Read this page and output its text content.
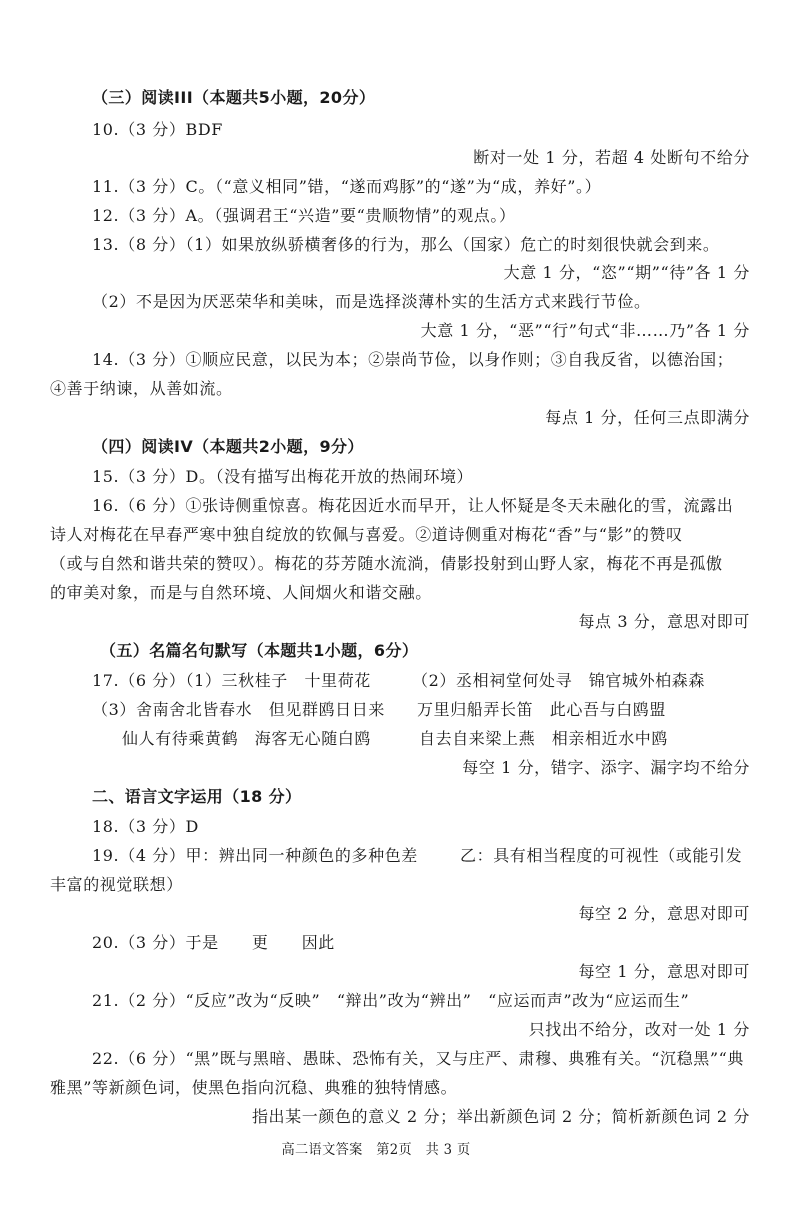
（三）阅读III（本题共5小题，20分）
10.（3 分）BDF
断对一处 1 分，若超 4 处断句不给分
11.（3 分）C。（“意义相同”错，“遂而鸡豚”的“遂”为“成，养好”。）
12.（3 分）A。（强调君王“兴造”要“贵顺物情”的观点。）
13.（8 分）（1）如果放纵骄横奢侈的行为，那么（国家）危亡的时刻很快就会到来。
大意 1 分，“恣”“期”“待”各 1 分
（2）不是因为厌恶荣华和美味，而是选择淡薄朴实的生活方式来践行节俭。
大意 1 分，“恶”“行”句式“非……乃”各 1 分
14.（3 分）①顺应民意，以民为本；②崇尚节俭，以身作则；③自我反省，以德治国；
④善于纳谏，从善如流。
每点 1 分，任何三点即满分
（四）阅读IV（本题共2小题，9分）
15.（3 分）D。（没有描写出梅花开放的热闹环境）
16.（6 分）①张诗侧重惊喜。梅花因近水而早开，让人怀疑是冬天未融化的雪，流露出
诗人对梅花在早春严寒中独自绽放的钦佩与喜爱。②道诗侧重对梅花“香”与“影”的赞叹
（或与自然和谐共荣的赞叹）。梅花的芬芳随水流淌，倩影投射到山野人家，梅花不再是孤傲
的审美对象，而是与自然环境、人间烟火和谐交融。
每点 3 分，意思对即可
（五）名篇名句默写（本题共1小题，6分）
17.（6 分）（1）三秋桂子　十里荷花	（2）丞相祠堂何处寻　锦官城外柏森森
（3）舍南舍北皆春水　但见群鸥日日来 万里归船弄长笛　此心吾与白鸥盟
仙人有待乘黄鹤　海客无心随白鸥	自去自来梁上燕　相亲相近水中鸥
每空 1 分，错字、添字、漏字均不给分
二、语言文字运用（18 分）
18.（3 分）D
19.（4 分）甲：辨出同一种颜色的多种色差	乙：具有相当程度的可视性（或能引发
丰富的视觉联想）
每空 2 分，意思对即可
20.（3 分）于是　　更　　因此
每空 1 分，意思对即可
21.（2 分）“反应”改为“反映”　“辩出”改为“辨出”　“应运而声”改为“应运而生”
只找出不给分，改对一处 1 分
22.（6 分）“黑”既与黑暗、愚昧、恐怖有关，又与庄严、肃穆、典雅有关。“沉稳黑”“典
雅黑”等新颜色词，使黑色指向沉稳、典雅的独特情感。
指出某一颜色的意义 2 分；举出新颜色词 2 分；简析新颜色词 2 分
高二语文答案　第2页　共 3 页
